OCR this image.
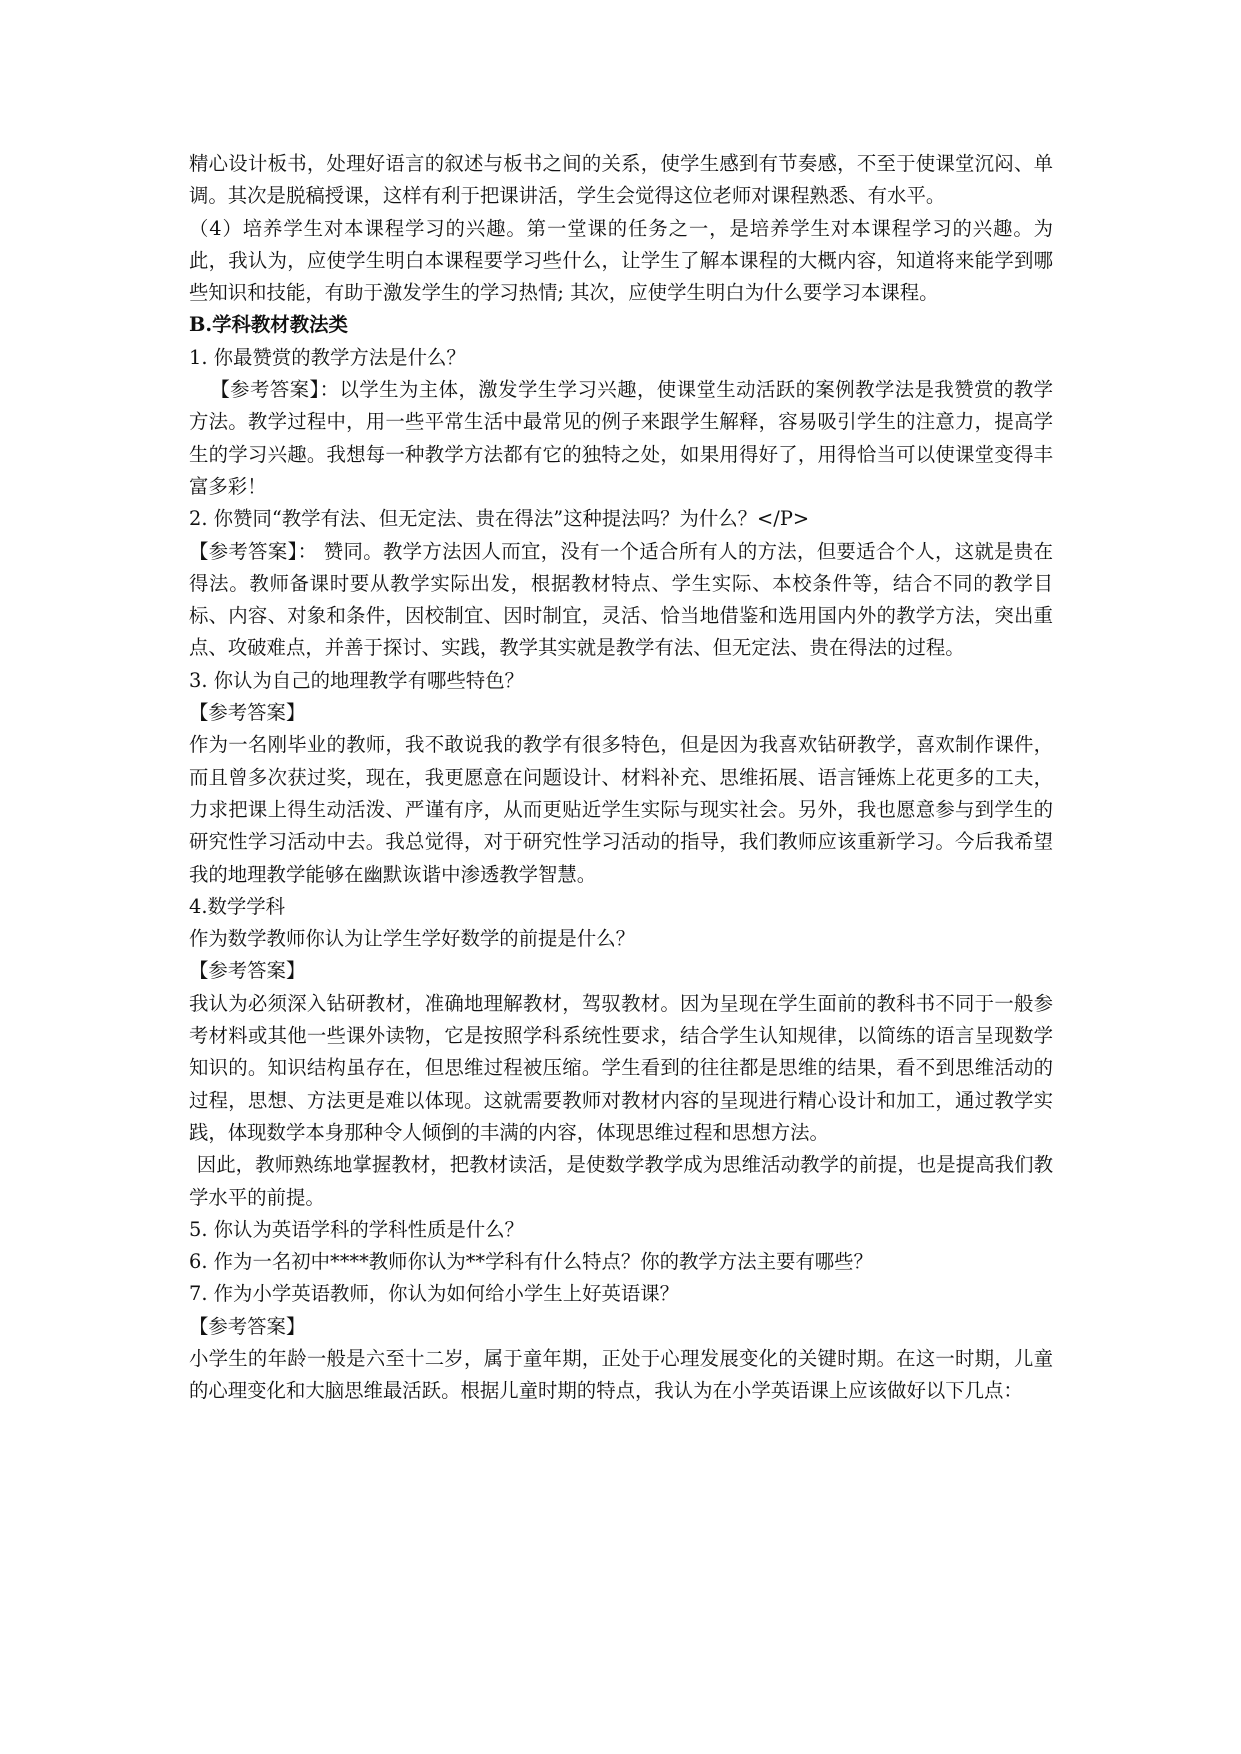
精心设计板书，处理好语言的叙述与板书之间的关系，使学生感到有节奏感，不至于使课堂沉闷、单调。其次是脱稿授课，这样有利于把课讲活，学生会觉得这位老师对课程熟悉、有水平。

（4）培养学生对本课程学习的兴趣。第一堂课的任务之一，是培养学生对本课程学习的兴趣。为此，我认为，应使学生明白本课程要学习些什么，让学生了解本课程的大概内容，知道将来能学到哪些知识和技能，有助于激发学生的学习热情; 其次，应使学生明白为什么要学习本课程。

B.学科教材教法类

1. 你最赞赏的教学方法是什么？

【参考答案】：以学生为主体，激发学生学习兴趣，使课堂生动活跃的案例教学法是我赞赏的教学方法。教学过程中，用一些平常生活中最常见的例子来跟学生解释，容易吸引学生的注意力，提高学生的学习兴趣。我想每一种教学方法都有它的独特之处，如果用得好了，用得恰当可以使课堂变得丰富多彩！

2. 你赞同“教学有法、但无定法、贵在得法”这种提法吗？为什么？</P>

【参考答案】： 赞同。教学方法因人而宜，没有一个适合所有人的方法，但要适合个人，这就是贵在得法。教师备课时要从教学实际出发，根据教材特点、学生实际、本校条件等，结合不同的教学目标、内容、对象和条件，因校制宜、因时制宜，灵活、恰当地借鉴和选用国内外的教学方法，突出重点、攻破难点，并善于探讨、实践，教学其实就是教学有法、但无定法、贵在得法的过程。

3. 你认为自己的地理教学有哪些特色？

【参考答案】

作为一名刚毕业的教师，我不敢说我的教学有很多特色，但是因为我喜欢钻研教学，喜欢制作课件，而且曾多次获过奖，现在，我更愿意在问题设计、材料补充、思维拓展、语言锤炼上花更多的工夫，力求把课上得生动活泼、严谨有序，从而更贴近学生实际与现实社会。另外，我也愿意参与到学生的研究性学习活动中去。我总觉得，对于研究性学习活动的指导，我们教师应该重新学习。今后我希望我的地理教学能够在幽默诙谐中渗透教学智慧。

4.数学学科

作为数学教师你认为让学生学好数学的前提是什么？

【参考答案】

我认为必须深入钻研教材，准确地理解教材，驾驭教材。因为呈现在学生面前的教科书不同于一般参考材料或其他一些课外读物，它是按照学科系统性要求，结合学生认知规律，以简练的语言呈现数学知识的。知识结构虽存在，但思维过程被压缩。学生看到的往往都是思维的结果，看不到思维活动的过程，思想、方法更是难以体现。这就需要教师对教材内容的呈现进行精心设计和加工，通过教学实践，体现数学本身那种令人倾倒的丰满的内容，体现思维过程和思想方法。

因此，教师熟练地掌握教材，把教材读活，是使数学教学成为思维活动教学的前提，也是提高我们教学水平的前提。

5. 你认为英语学科的学科性质是什么？

6. 作为一名初中****教师你认为**学科有什么特点？你的教学方法主要有哪些？

7. 作为小学英语教师，你认为如何给小学生上好英语课？

【参考答案】

小学生的年龄一般是六至十二岁，属于童年期，正处于心理发展变化的关键时期。在这一时期，儿童的心理变化和大脑思维最活跃。根据儿童时期的特点，我认为在小学英语课上应该做好以下几点：
